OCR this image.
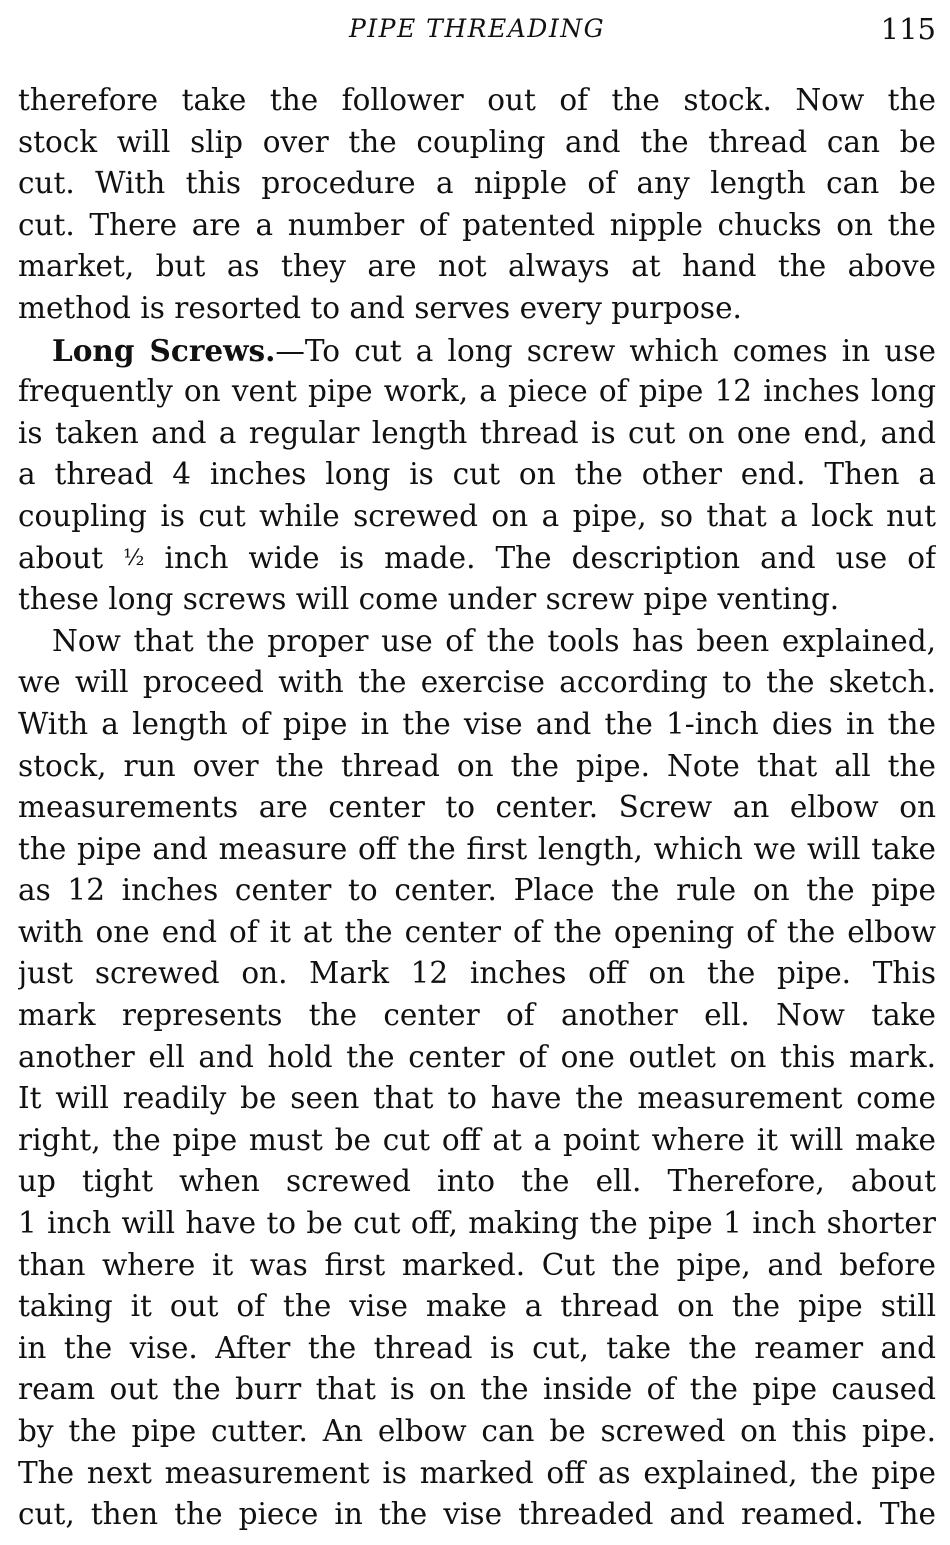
PIPE THREADING	115
therefore take the follower out of the stock. Now the
stock will slip over the coupling and the thread can be
cut. With this procedure a nipple of any length can be
cut. There are a number of patented nipple chucks on the
market, but as they are not always at hand the above
method is resorted to and serves every purpose.
Long Screws.—To cut a long screw which comes in use
frequently on vent pipe work, a piece of pipe 12 inches long
is taken and a regular length thread is cut on one end, and
a thread 4 inches long is cut on the other end. Then a
coupling is cut while screwed on a pipe, so that a lock nut
about ½ inch wide is made. The description and use of
these long screws will come under screw pipe venting.
Now that the proper use of the tools has been explained,
we will proceed with the exercise according to the sketch.
With a length of pipe in the vise and the 1-inch dies in the
stock, run over the thread on the pipe. Note that all the
measurements are center to center. Screw an elbow on
the pipe and measure off the first length, which we will take
as 12 inches center to center. Place the rule on the pipe
with one end of it at the center of the opening of the elbow
just screwed on. Mark 12 inches off on the pipe. This
mark represents the center of another ell. Now take
another ell and hold the center of one outlet on this mark.
It will readily be seen that to have the measurement come
right, the pipe must be cut off at a point where it will make
up tight when screwed into the ell. Therefore, about
1 inch will have to be cut off, making the pipe 1 inch shorter
than where it was first marked. Cut the pipe, and before
taking it out of the vise make a thread on the pipe still
in the vise. After the thread is cut, take the reamer and
ream out the burr that is on the inside of the pipe caused
by the pipe cutter. An elbow can be screwed on this pipe.
The next measurement is marked off as explained, the pipe
cut, then the piece in the vise threaded and reamed. The
